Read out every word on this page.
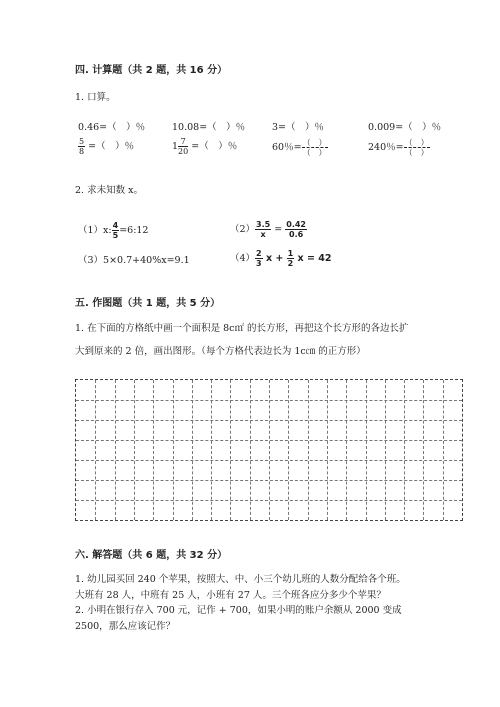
四. 计算题（共 2 题，共 16 分）
1. 口算。
0.46=（　）％	10.08=（　）％	3=（　）％	0.009=（　）％
$\frac{5}{8}$ =（　）％	$1 \frac{7}{20}$ =（　）％	60％= $\frac{( )}{( )}$	240％= $\frac{( )}{( )}$
2. 求未知数 x。
（1）x: $\frac{4}{5}$ =6:12	$(2) \frac{3.5}{x} = \frac{0.42}{0.6}$
（3）5×0.7+40%x=9.1	$(4) \frac{2}{3}$ $x + \frac{1}{2}$ x = 42
五. 作图题（共 1 题，共 5 分）
1. 在下面的方格纸中画一个面积是 8c㎡ 的长方形，再把这个长方形的各边长扩
大到原来的 2 倍，画出图形。（每个方格代表边长为 1c㎝ 的正方形）
六. 解答题（共 6 题，共 32 分）
1. 幼儿园买回 240 个苹果，按照大、中、小三个幼儿班的人数分配给各个班。
大班有 28 人，中班有 25 人，小班有 27 人。三个班各应分多少个苹果？
2. 小明在银行存入 700 元，记作 + 700，如果小明的账户余额从 2000 变成
2500，那么应该记作？
